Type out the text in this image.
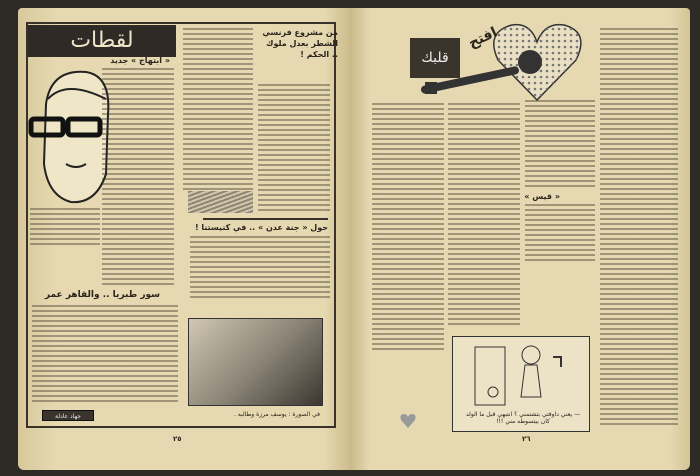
لقطات
« ابتهاج » جديد
من مشروع فرنسي الشطر بعدل ملوك .. الحكم !
حول « جنة عدن » .. في كنيستنا !
سور طبريا .. والقاهر عمر
في الصورة : يوسف مرزة وطالبه .
جهاد عادلة
٢٥
قلبك
افتح
« قيس »
— يعني داوقتي بتشتمني ؟ انتبهي قبل ما الولد كان بيتسوطه مني !!!
٢٦
